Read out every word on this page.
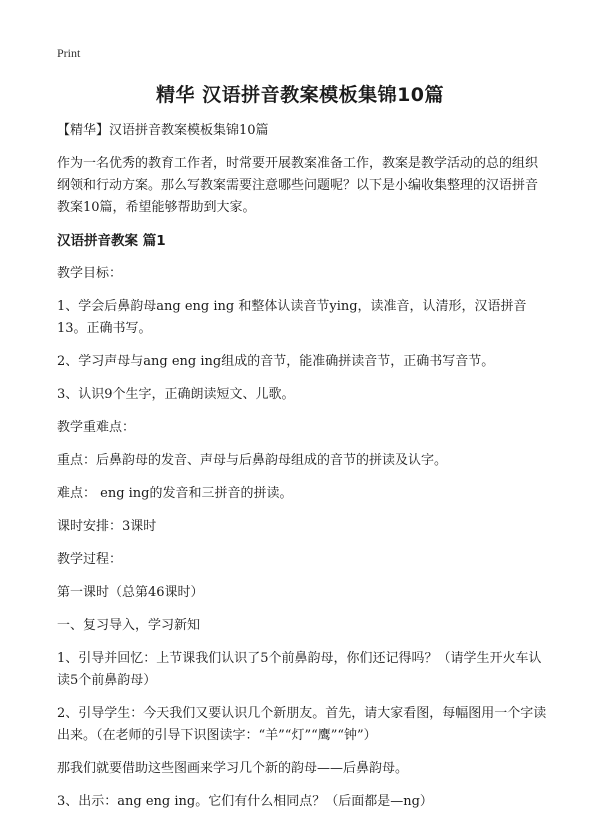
Print
精华 汉语拼音教案模板集锦10篇

【精华】汉语拼音教案模板集锦10篇

作为一名优秀的教育工作者，时常要开展教案准备工作，教案是教学活动的总的组织纲领和行动方案。那么写教案需要注意哪些问题呢？以下是小编收集整理的汉语拼音教案10篇，希望能够帮助到大家。

汉语拼音教案 篇1

教学目标：

1、学会后鼻韵母ang eng ing 和整体认读音节ying，读准音，认清形，汉语拼音13。正确书写。

2、学习声母与ang eng ing组成的音节，能准确拼读音节，正确书写音节。

3、认识9个生字，正确朗读短文、儿歌。

教学重难点：

重点：后鼻韵母的发音、声母与后鼻韵母组成的音节的拼读及认字。

难点： eng ing的发音和三拼音的拼读。

课时安排：3课时

教学过程：

第一课时（总第46课时）

一、复习导入，学习新知

1、引导并回忆：上节课我们认识了5个前鼻韵母，你们还记得吗？（请学生开火车认读5个前鼻韵母）

2、引导学生：今天我们又要认识几个新朋友。首先，请大家看图，每幅图用一个字读出来。（在老师的引导下识图读字：“羊”“灯”“鹰”“钟”）

那我们就要借助这些图画来学习几个新的韵母——后鼻韵母。

3、出示：ang eng ing。它们有什么相同点？（后面都是—ng）
